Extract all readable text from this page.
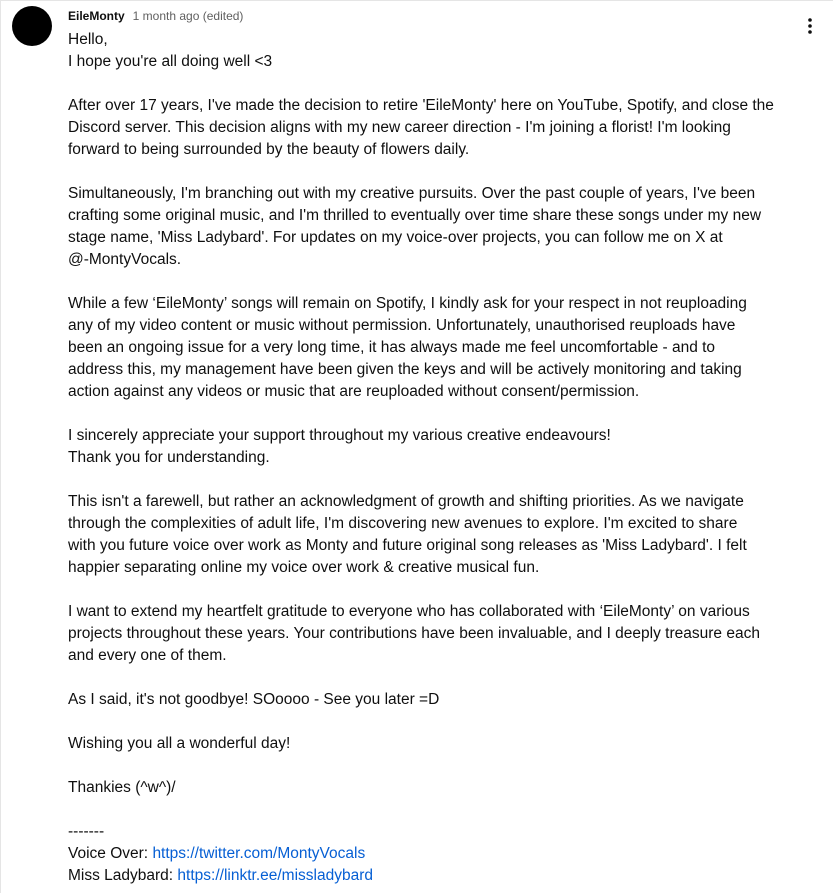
EileMonty 1 month ago (edited)
Hello,
I hope you're all doing well <3
After over 17 years, I've made the decision to retire 'EileMonty' here on YouTube, Spotify, and close the
Discord server. This decision aligns with my new career direction - I'm joining a florist! I'm looking
forward to being surrounded by the beauty of flowers daily.
Simultaneously, I'm branching out with my creative pursuits. Over the past couple of years, I've been
crafting some original music, and I'm thrilled to eventually over time share these songs under my new
stage name, 'Miss Ladybard'. For updates on my voice-over projects, you can follow me on X at
@-MontyVocals.
While a few ‘EileMonty’ songs will remain on Spotify, I kindly ask for your respect in not reuploading
any of my video content or music without permission. Unfortunately, unauthorised reuploads have
been an ongoing issue for a very long time, it has always made me feel uncomfortable - and to
address this, my management have been given the keys and will be actively monitoring and taking
action against any videos or music that are reuploaded without consent/permission.
I sincerely appreciate your support throughout my various creative endeavours!
Thank you for understanding.
This isn't a farewell, but rather an acknowledgment of growth and shifting priorities. As we navigate
through the complexities of adult life, I'm discovering new avenues to explore. I'm excited to share
with you future voice over work as Monty and future original song releases as 'Miss Ladybard'. I felt
happier separating online my voice over work & creative musical fun.
I want to extend my heartfelt gratitude to everyone who has collaborated with ‘EileMonty’ on various
projects throughout these years. Your contributions have been invaluable, and I deeply treasure each
and every one of them.
As I said, it's not goodbye! SOoooo - See you later =D
Wishing you all a wonderful day!
Thankies (^w^)/
-------
Voice Over: https://twitter.com/MontyVocals
Miss Ladybard: https://linktr.ee/missladybard
